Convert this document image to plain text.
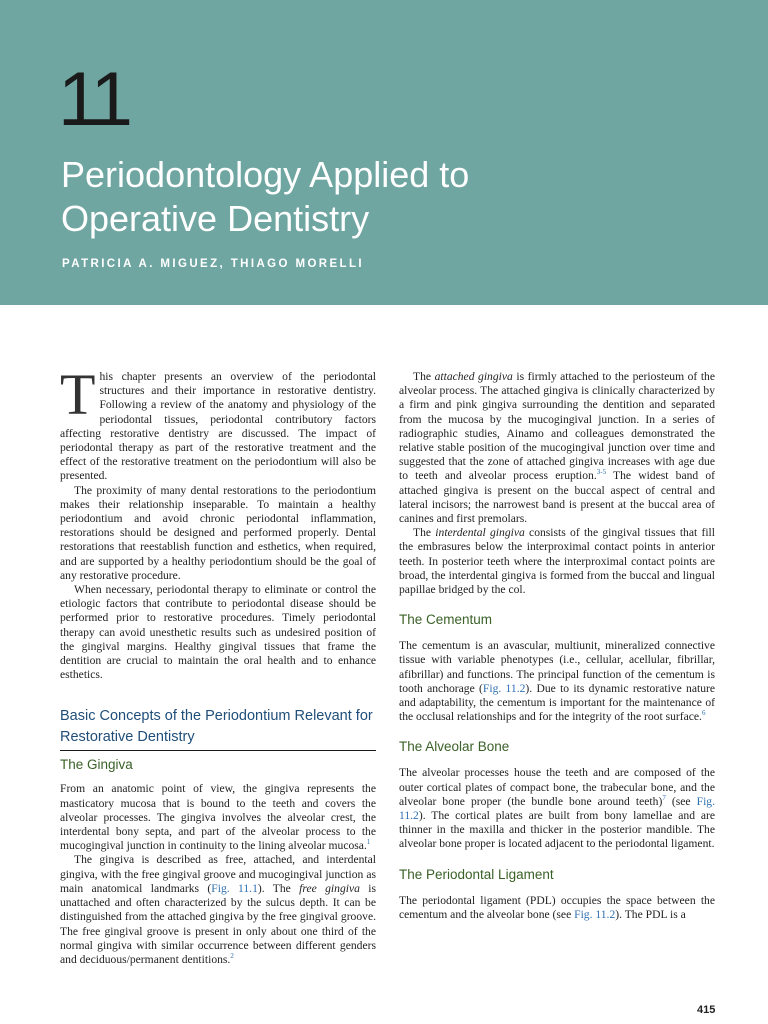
11
Periodontology Applied to
Operative Dentistry
PATRICIA A. MIGUEZ, THIAGO MORELLI

This chapter presents an overview of the periodontal structures and their importance in restorative dentistry. Following a review of the anatomy and physiology of the periodontal tissues, periodontal contributory factors affecting restorative dentistry are discussed. The impact of periodontal therapy as part of the restorative treatment and the effect of the restorative treatment on the periodontium will also be presented.

The proximity of many dental restorations to the periodontium makes their relationship inseparable. To maintain a healthy periodontium and avoid chronic periodontal inflammation, restorations should be designed and performed properly. Dental restorations that reestablish function and esthetics, when required, and are supported by a healthy periodontium should be the goal of any restorative procedure.

When necessary, periodontal therapy to eliminate or control the etiologic factors that contribute to periodontal disease should be performed prior to restorative procedures. Timely periodontal therapy can avoid unesthetic results such as undesired position of the gingival margins. Healthy gingival tissues that frame the dentition are crucial to maintain the oral health and to enhance esthetics.

Basic Concepts of the Periodontium Relevant for Restorative Dentistry
The Gingiva

From an anatomic point of view, the gingiva represents the masticatory mucosa that is bound to the teeth and covers the alveolar processes. The gingiva involves the alveolar crest, the interdental bony septa, and part of the alveolar process to the mucogingival junction in continuity to the lining alveolar mucosa.$^1$

The gingiva is described as free, attached, and interdental gingiva, with the free gingival groove and mucogingival junction as main anatomical landmarks (Fig. 11.1). The free gingiva is unattached and often characterized by the sulcus depth. It can be distinguished from the attached gingiva by the free gingival groove. The free gingival groove is present in only about one third of the normal gingiva with similar occurrence between different genders and deciduous/permanent dentitions.$^2$

The attached gingiva is firmly attached to the periosteum of the alveolar process. The attached gingiva is clinically characterized by a firm and pink gingiva surrounding the dentition and separated from the mucosa by the mucogingival junction. In a series of radiographic studies, Ainamo and colleagues demonstrated the relative stable position of the mucogingival junction over time and suggested that the zone of attached gingiva increases with age due to teeth and alveolar process eruption.$^{3-5}$ The widest band of attached gingiva is present on the buccal aspect of central and lateral incisors; the narrowest band is present at the buccal area of canines and first premolars.

The interdental gingiva consists of the gingival tissues that fill the embrasures below the interproximal contact points in anterior teeth. In posterior teeth where the interproximal contact points are broad, the interdental gingiva is formed from the buccal and lingual papillae bridged by the col.

The Cementum

The cementum is an avascular, multiunit, mineralized connective tissue with variable phenotypes (i.e., cellular, acellular, fibrillar, afibrillar) and functions. The principal function of the cementum is tooth anchorage (Fig. 11.2). Due to its dynamic restorative nature and adaptability, the cementum is important for the maintenance of the occlusal relationships and for the integrity of the root surface.$^6$

The Alveolar Bone

The alveolar processes house the teeth and are composed of the outer cortical plates of compact bone, the trabecular bone, and the alveolar bone proper (the bundle bone around teeth)$^7$ (see Fig. 11.2). The cortical plates are built from bony lamellae and are thinner in the maxilla and thicker in the posterior mandible. The alveolar bone proper is located adjacent to the periodontal ligament.

The Periodontal Ligament

The periodontal ligament (PDL) occupies the space between the cementum and the alveolar bone (see Fig. 11.2). The PDL is a

415
